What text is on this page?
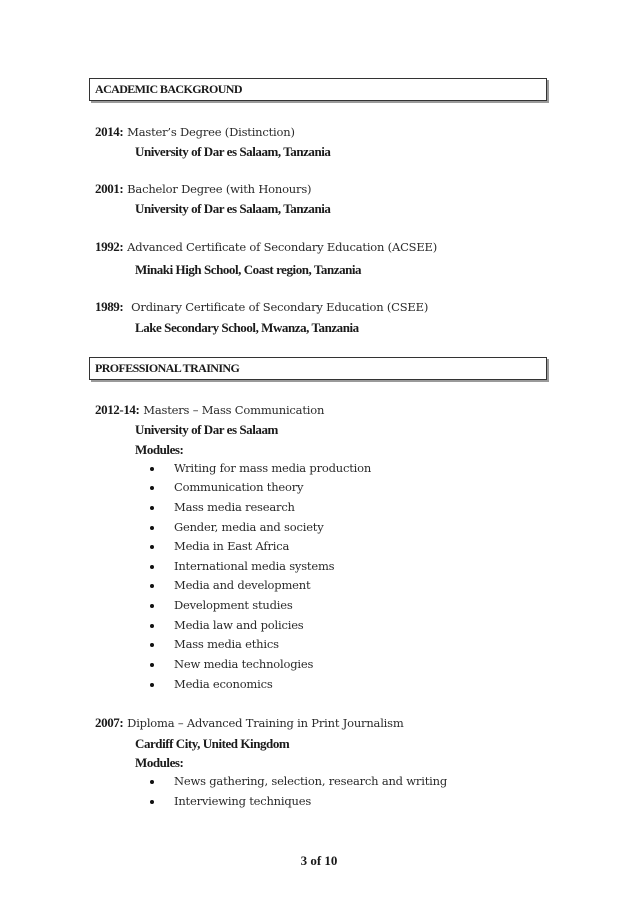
ACADEMIC BACKGROUND
2014: Master’s Degree (Distinction)
University of Dar es Salaam, Tanzania
2001: Bachelor Degree (with Honours)
University of Dar es Salaam, Tanzania
1992: Advanced Certificate of Secondary Education (ACSEE)
Minaki High School, Coast region, Tanzania
1989: Ordinary Certificate of Secondary Education (CSEE)
Lake Secondary School, Mwanza, Tanzania
PROFESSIONAL TRAINING
2012-14: Masters – Mass Communication
University of Dar es Salaam
Modules:
Writing for mass media production
Communication theory
Mass media research
Gender, media and society
Media in East Africa
International media systems
Media and development
Development studies
Media law and policies
Mass media ethics
New media technologies
Media economics
2007: Diploma – Advanced Training in Print Journalism
Cardiff City, United Kingdom
Modules:
News gathering, selection, research and writing
Interviewing techniques
3 of 10
